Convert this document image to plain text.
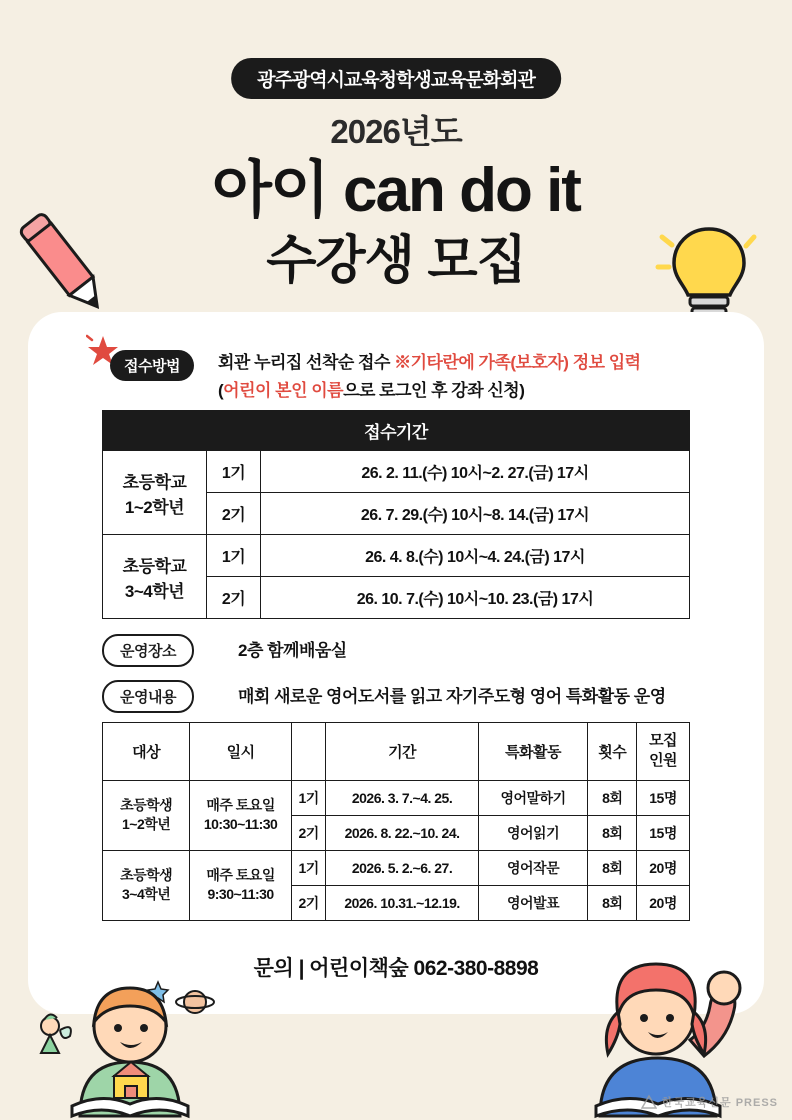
광주광역시교육청학생교육문화회관
2026년도
아이 can do it
수강생 모집
접수방법	회관 누리집 선착순 접수 ※기타란에 가족(보호자) 정보 입력
(어린이 본인 이름으로 로그인 후 강좌 신청)
접수기간		

초등학교
1~2학년	1기	26. 2. 11.(수) 10시~2. 27.(금) 17시
	2기	26. 7. 29.(수) 10시~8. 14.(금) 17시

초등학교
3~4학년	1기	26. 4. 8.(수) 10시~4. 24.(금) 17시
	2기	26. 10. 7.(수) 10시~10. 23.(금) 17시
운영장소	2층 함께배움실
운영내용	매회 새로운 영어도서를 읽고 자기주도형 영어 특화활동 운영
대상	일시		기간	특화활동	횟수	모집
인원

초등학생
1~2학년

매주 토요일
10:30~11:30
	1기	2026. 3. 7.~4. 25.	영어말하기	8회	15명
		2기	2026. 8. 22.~10. 24.	영어읽기	8회	15명

초등학생
3~4학년

매주 토요일
9:30~11:30
	1기	2026. 5. 2.~6. 27.	영어작문	8회	20명
		2기	2026. 10.31.~12.19.	영어발표	8회	20명
문의 | 어린이책숲 062-380-8898
한국교육신문 PRESS
